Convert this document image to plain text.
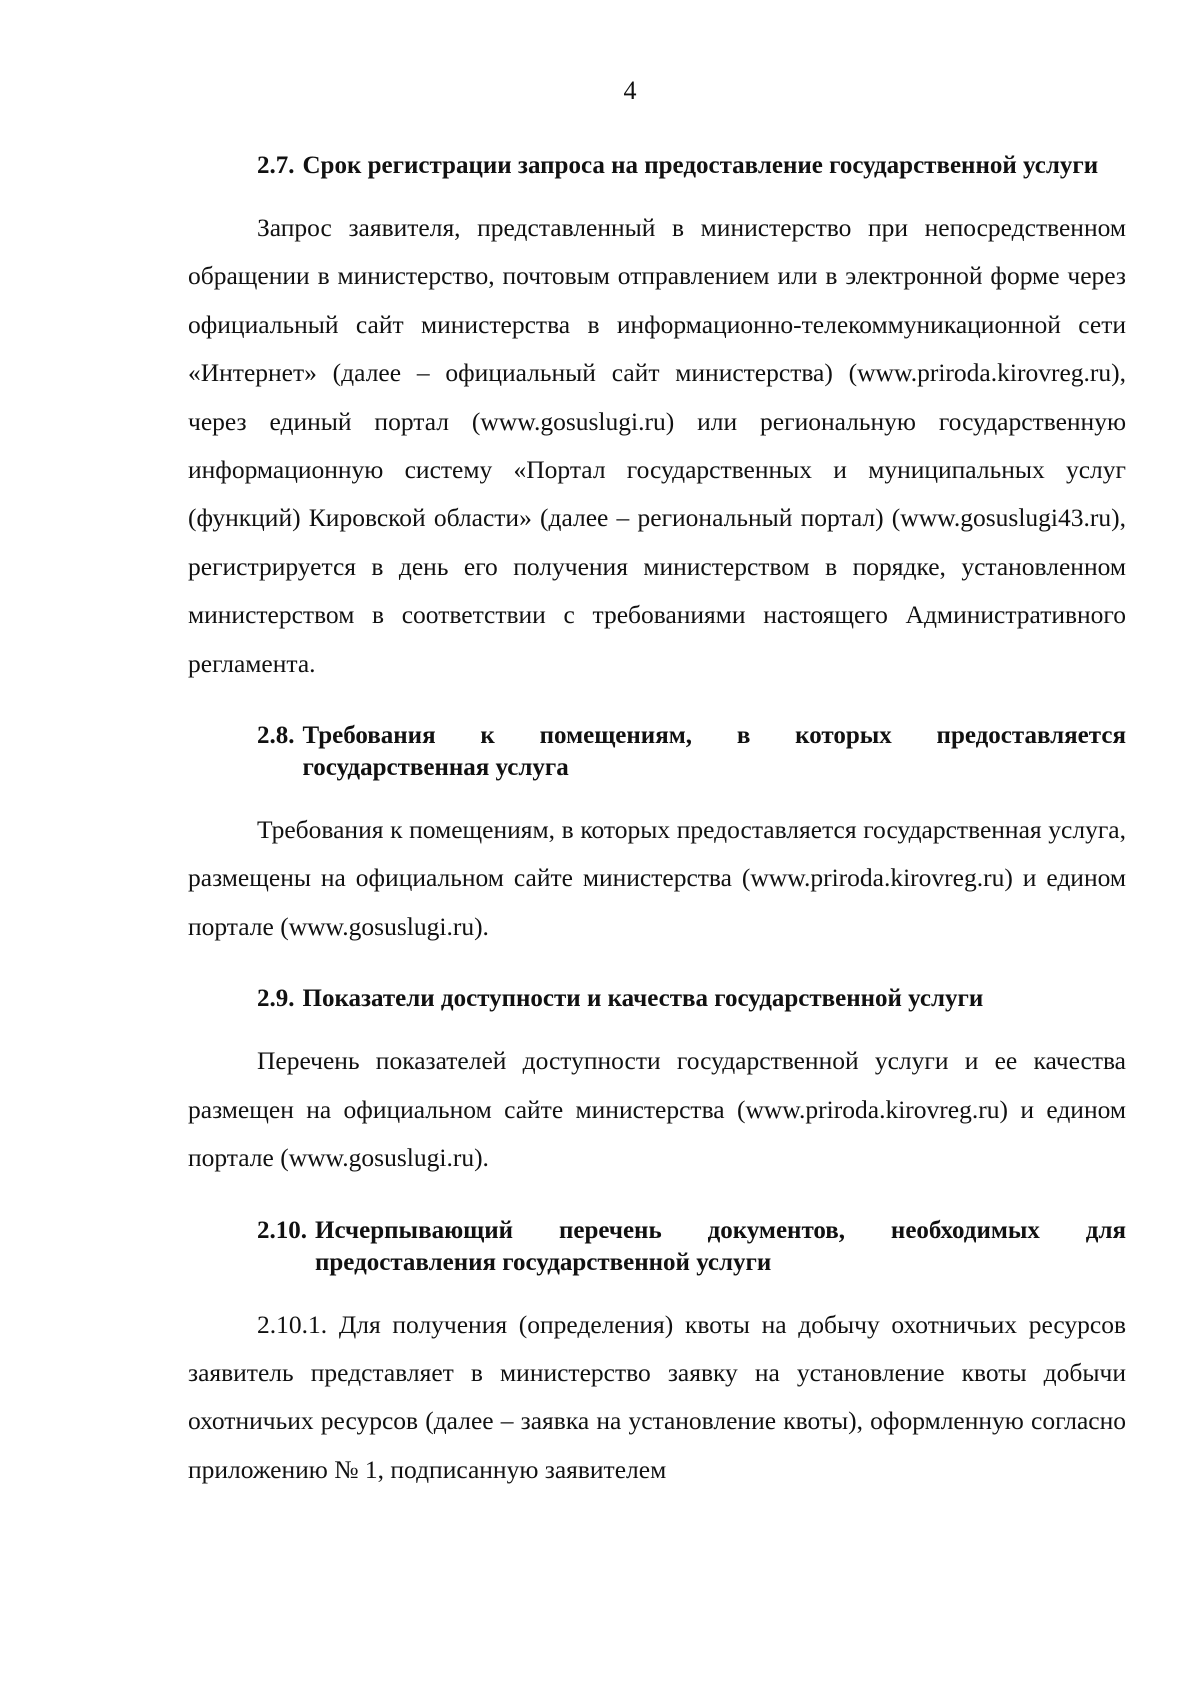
4
2.7. Срок регистрации запроса на предоставление государственной услуги

Запрос заявителя, представленный в министерство при непосредственном обращении в министерство, почтовым отправлением или в электронной форме через официальный сайт министерства в информационно-телекоммуникационной сети «Интернет» (далее – официальный сайт министерства) (www.priroda.kirovreg.ru), через единый портал (www.gosuslugi.ru) или региональную государственную информационную систему «Портал государственных и муниципальных услуг (функций) Кировской области» (далее – региональный портал) (www.gosuslugi43.ru), регистрируется в день его получения министерством в порядке, установленном министерством в соответствии с требованиями настоящего Административного регламента.

2.8. Требования к помещениям, в которых предоставляется государственная услуга

Требования к помещениям, в которых предоставляется государственная услуга, размещены на официальном сайте министерства (www.priroda.kirovreg.ru) и едином портале (www.gosuslugi.ru).

2.9. Показатели доступности и качества государственной услуги

Перечень показателей доступности государственной услуги и ее качества размещен на официальном сайте министерства (www.priroda.kirovreg.ru) и едином портале (www.gosuslugi.ru).

2.10. Исчерпывающий перечень документов, необходимых для предоставления государственной услуги

2.10.1. Для получения (определения) квоты на добычу охотничьих ресурсов заявитель представляет в министерство заявку на установление квоты добычи охотничьих ресурсов (далее – заявка на установление квоты), оформленную согласно приложению № 1, подписанную заявителем
